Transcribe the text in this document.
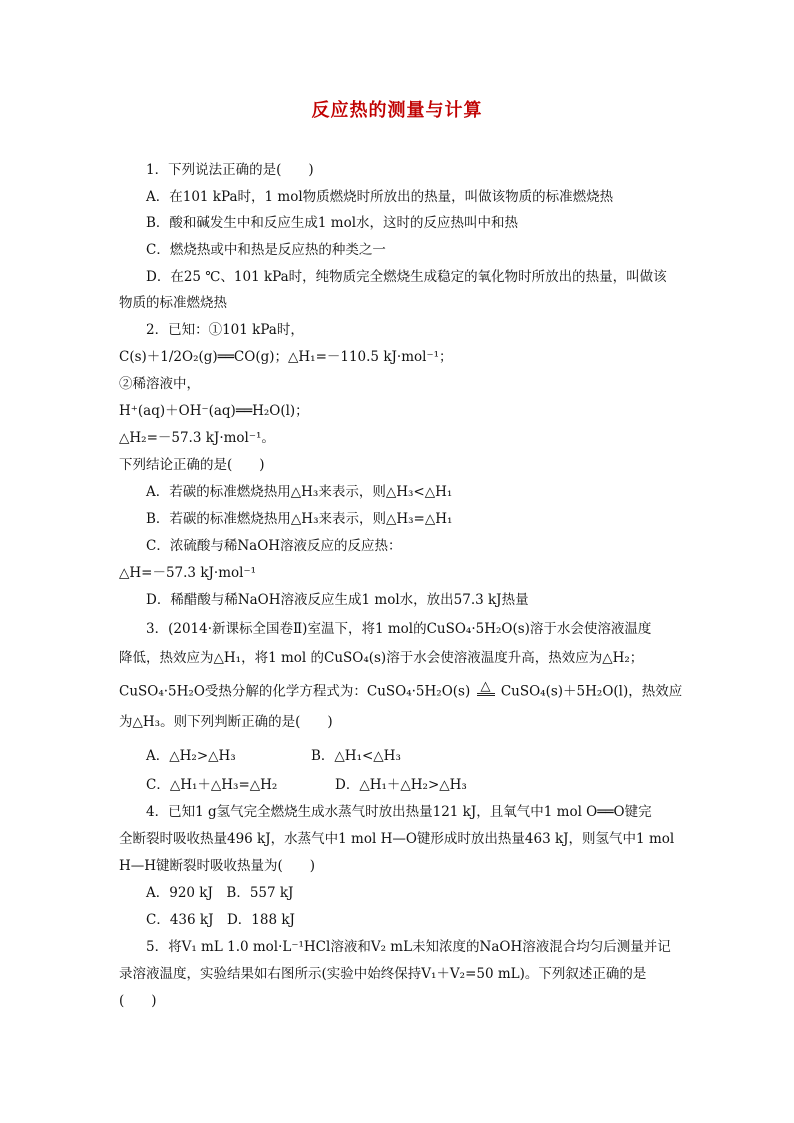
反应热的测量与计算
1．下列说法正确的是(　　)
A．在101 kPa时，1 mol物质燃烧时所放出的热量，叫做该物质的标准燃烧热
B．酸和碱发生中和反应生成1 mol水，这时的反应热叫中和热
C．燃烧热或中和热是反应热的种类之一
D．在25 ℃、101 kPa时，纯物质完全燃烧生成稳定的氧化物时所放出的热量，叫做该
物质的标准燃烧热
2．已知：①101 kPa时，
C(s)＋1/2O₂(g)══CO(g)；△H₁=－110.5 kJ·mol⁻¹；
②稀溶液中，
H⁺(aq)＋OH⁻(aq)══H₂O(l)；
△H₂=－57.3 kJ·mol⁻¹。
下列结论正确的是(　　)
A．若碳的标准燃烧热用△H₃来表示，则△H₃<△H₁
B．若碳的标准燃烧热用△H₃来表示，则△H₃=△H₁
C．浓硫酸与稀NaOH溶液反应的反应热：
△H=－57.3 kJ·mol⁻¹
D．稀醋酸与稀NaOH溶液反应生成1 mol水，放出57.3 kJ热量
3．(2014·新课标全国卷Ⅱ)室温下，将1 mol的CuSO₄·5H₂O(s)溶于水会使溶液温度
降低，热效应为△H₁，将1 mol 的CuSO₄(s)溶于水会使溶液温度升高，热效应为△H₂；
CuSO₄·5H₂O受热分解的化学方程式为：CuSO₄·5H₂O(s) △ CuSO₄(s)＋5H₂O(l)，热效应
为△H₃。则下列判断正确的是(　　)
A．△H₂>△H₃	B．△H₁<△H₃
C．△H₁＋△H₃=△H₂	D．△H₁＋△H₂>△H₃
4．已知1 g氢气完全燃烧生成水蒸气时放出热量121 kJ，且氧气中1 mol O══O键完
全断裂时吸收热量496 kJ，水蒸气中1 mol H—O键形成时放出热量463 kJ，则氢气中1 mol
H—H键断裂时吸收热量为(　　)
A．920 kJ　B．557 kJ
C．436 kJ　D．188 kJ
5．将V₁ mL 1.0 mol·L⁻¹HCl溶液和V₂ mL未知浓度的NaOH溶液混合均匀后测量并记
录溶液温度，实验结果如右图所示(实验中始终保持V₁＋V₂=50 mL)。下列叙述正确的是
(　　)
